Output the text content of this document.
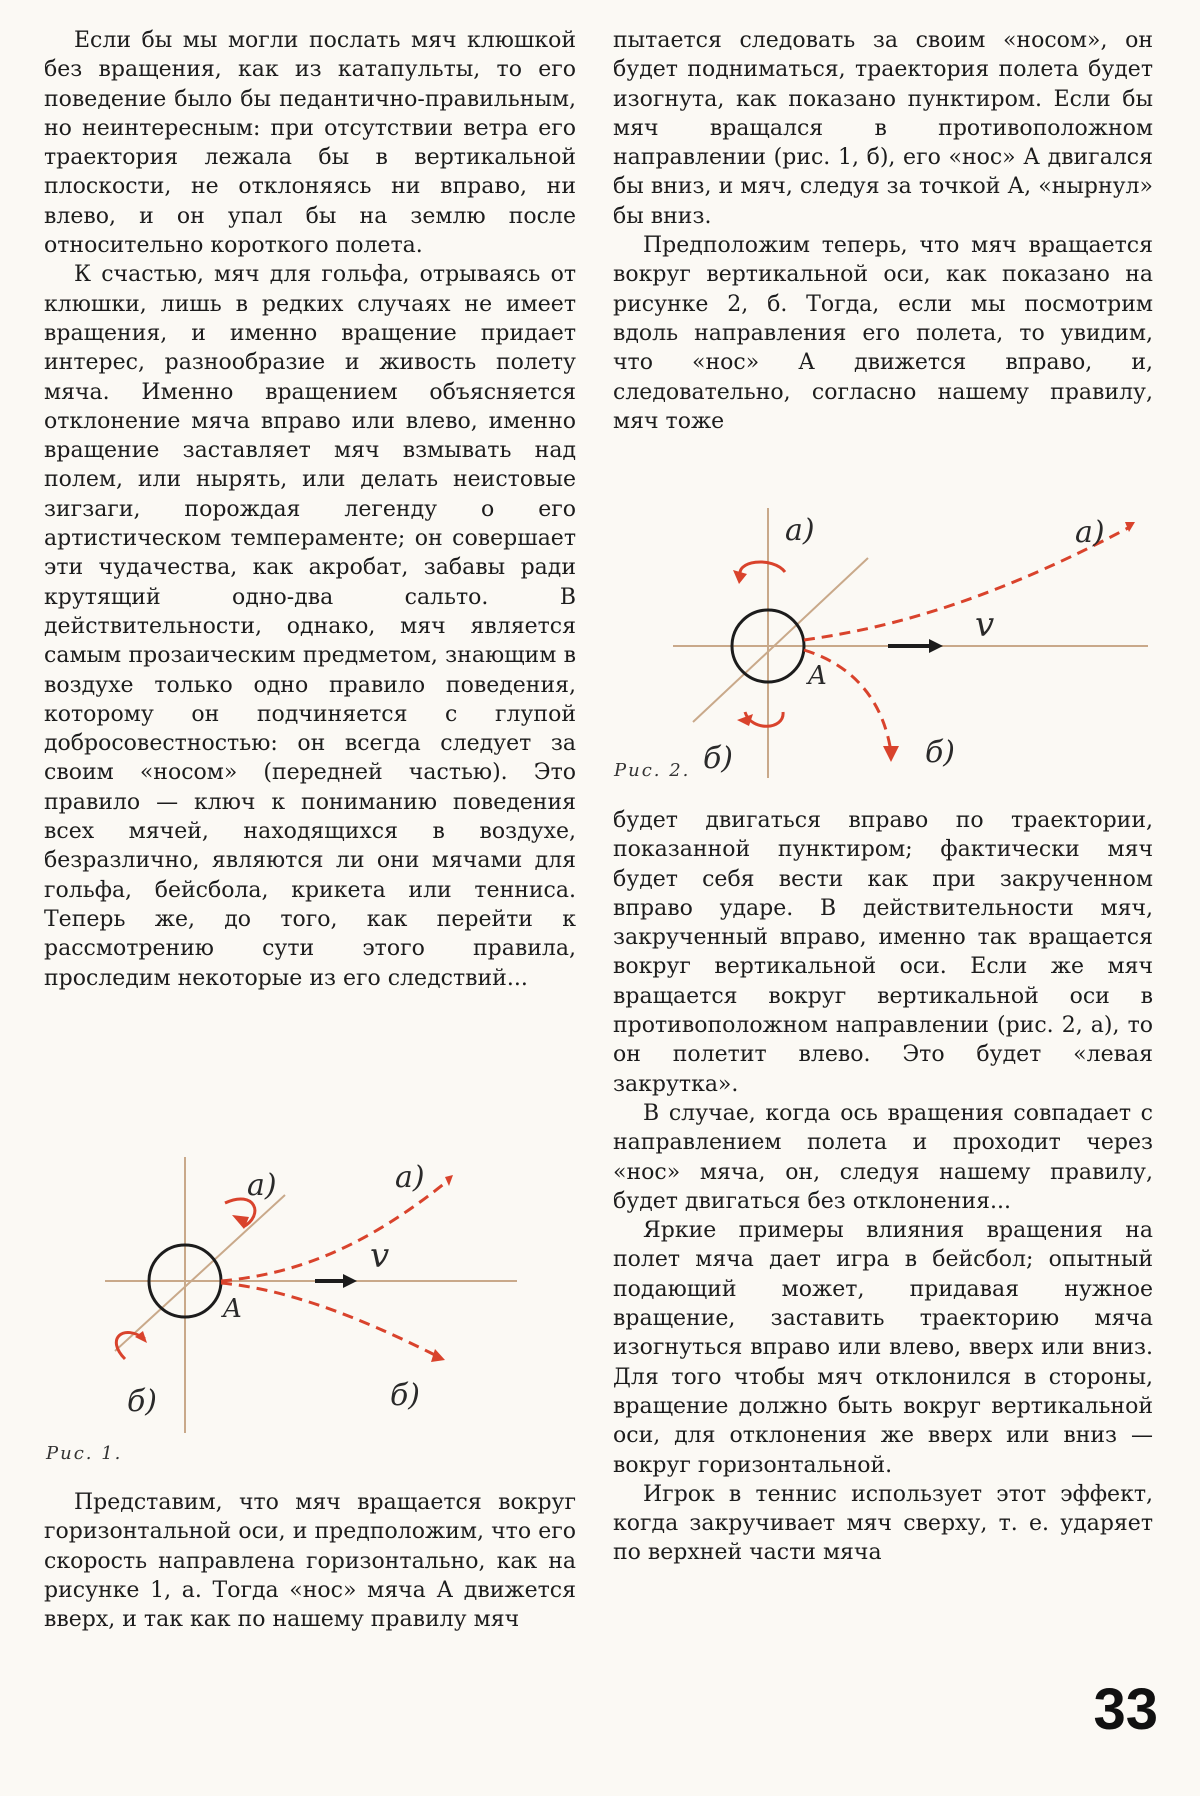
Если бы мы могли послать мяч клюшкой без вращения, как из катапульты, то его поведение было бы педантично-правильным, но неинтересным: при отсутствии ветра его траектория лежала бы в вертикальной плоскости, не отклоняясь ни вправо, ни влево, и он упал бы на землю после относительно короткого полета.

К счастью, мяч для гольфа, отрываясь от клюшки, лишь в редких случаях не имеет вращения, и именно вращение придает интерес, разнообразие и живость полету мяча. Именно вращением объясняется отклонение мяча вправо или влево, именно вращение заставляет мяч взмывать над полем, или нырять, или делать неистовые зигзаги, порождая легенду о его артистическом темпераменте; он совершает эти чудачества, как акробат, забавы ради крутящий одно-два сальто. В действительности, однако, мяч является самым прозаическим предметом, знающим в воздухе только одно правило поведения, которому он подчиняется с глупой добросовестностью: он всегда следует за своим «носом» (передней частью). Это правило — ключ к пониманию поведения всех мячей, находящихся в воздухе, безразлично, являются ли они мячами для гольфа, бейсбола, крикета или тенниса. Теперь же, до того, как перейти к рассмотрению сути этого правила, проследим некоторые из его следствий...

a)	a)
б)	б)
v
A
Рис. 1.

Представим, что мяч вращается вокруг горизонтальной оси, и предположим, что его скорость направлена горизонтально, как на рисунке 1, а. Тогда «нос» мяча А движется вверх, и так как по нашему правилу мяч

пытается следовать за своим «носом», он будет подниматься, траектория полета будет изогнута, как показано пунктиром. Если бы мяч вращался в противоположном направлении (рис. 1, б), его «нос» А двигался бы вниз, и мяч, следуя за точкой А, «нырнул» бы вниз.

Предположим теперь, что мяч вращается вокруг вертикальной оси, как показано на рисунке 2, б. Тогда, если мы посмотрим вдоль направления его полета, то увидим, что «нос» А движется вправо, и, следовательно, согласно нашему правилу, мяч тоже

a)	a)
б)	б)
v
A
Рис. 2.

будет двигаться вправо по траектории, показанной пунктиром; фактически мяч будет себя вести как при закрученном вправо ударе. В действительности мяч, закрученный вправо, именно так вращается вокруг вертикальной оси. Если же мяч вращается вокруг вертикальной оси в противоположном направлении (рис. 2, а), то он полетит влево. Это будет «левая закрутка».

В случае, когда ось вращения совпадает с направлением полета и проходит через «нос» мяча, он, следуя нашему правилу, будет двигаться без отклонения...

Яркие примеры влияния вращения на полет мяча дает игра в бейсбол; опытный подающий может, придавая нужное вращение, заставить траекторию мяча изогнуться вправо или влево, вверх или вниз. Для того чтобы мяч отклонился в стороны, вращение должно быть вокруг вертикальной оси, для отклонения же вверх или вниз — вокруг горизонтальной.

Игрок в теннис использует этот эффект, когда закручивает мяч сверху, т. е. ударяет по верхней части мяча

33
